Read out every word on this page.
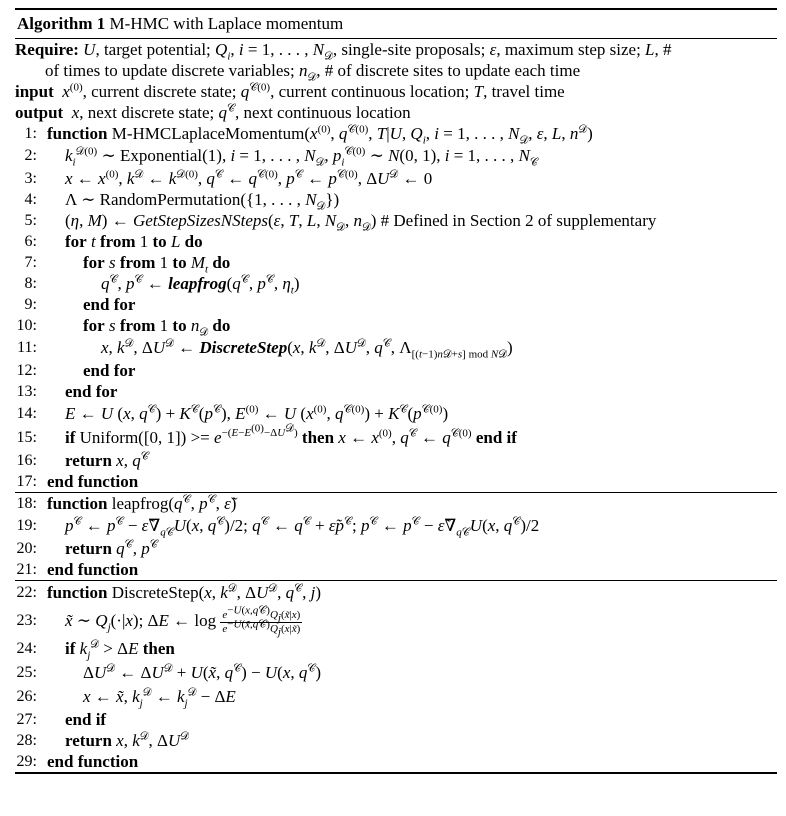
Algorithm 1 M-HMC with Laplace momentum
Require: U, target potential; $Q_i$, i = 1, . . . , $N_𝒟$, single-site proposals; ε, maximum step size; L, #
of times to update discrete variables; $n_𝒟$, # of discrete sites to update each time
input $x^{(0)}$, current discrete state; $q^{𝒞(0)}$, current continuous location; T, travel time
output x, next discrete state; $q^𝒞$, next continuous location
1: function $M-HMCLaplaceMomentum(x^{(0)}$, $q^{𝒞(0)}$, T|U, $Q_i$, i = 1, . . . , $N_𝒟$, ε, L, $n^𝒟$)
2:	$k_i^{𝒟(0)}$ ∼ Exponential(1), i = 1, . . . , $N_𝒟$, $p_i^{𝒞(0)}$ ∼ N(0, 1), i = 1, . . . , $N_𝒞$
3:	x ← $x^{(0)}$, $k^𝒟$ ← $k^{𝒟(0)}$, $q^𝒞$ ← $q^{𝒞(0)}$, $p^𝒞$ ← $p^{𝒞(0)}$, $\Delta U^𝒟$ ← 0
4:	Λ ∼ RandomPermutation({1, . . . , $N_𝒟$})
5:	(η, M) ← GetStepSizesNSteps(ε, T, L, $N_𝒟$, $n_𝒟$) # Defined in Section 2 of supplementary
6:	for t from 1 to L do
7:	for s from 1 to $M_t$ do
8:	$q^𝒞$, $p^𝒞$ ← $leapfrog(q^𝒞$, $p^𝒞$, $\eta_t$)
9:	end for
10:	for s from 1 to $n_𝒟$ do
11:	x, $k^𝒟$, $\Delta U^𝒟$ ← DiscreteStep(x, $k^𝒟$, $\Delta U^𝒟$, $q^𝒞$, $\Lambda_{[(t-1)n𝒟+s] mod N𝒟}$)
12:	end for
13:	end for
14:	E ← U (x, $q^𝒞) + K^𝒞(p^𝒞)$, $E^{(0)}$ ← U ($x^{(0)}$, $q^{𝒞(0)}) + K^𝒞(p^{𝒞(0)})$
15:	if Uniform([0, $1]) >= e^{-(E-E^{(0)}-\Delta U^𝒟)}$ then x ← $x^{(0)}$, $q^𝒞$ ← $q^{𝒞(0)}$ end if
16:	return x, $q^𝒞$
17: end function
18: function $leapfrog(q^𝒞$, $p^𝒞$, ε̃)
19:	$p^𝒞$ ← $p^𝒞$ − $\varepsiloñ\nabla_{q𝒞}U(x$, $q^𝒞)/2$; $q^𝒞$ ← $q^𝒞$ + $\varepsiloñp^𝒞$; $p^𝒞$ ← $p^𝒞$ − $\varepsiloñ\nabla_{q𝒞}U(x$, $q^𝒞)/2$
20:	return $q^𝒞$, $p^𝒞$
21: end function
22: function DiscreteStep(x, $k^𝒟$, $\Delta U^𝒟$, $q^𝒞$, j)
23:	x̃ ∼ $Q_j(\cdot|x)$; ΔE ← $\log \frac{e^{-U(x,q𝒞)}Q_j(x̃|x)}{e^{-U(x̃,q𝒞)}Q_j(x|x̃)}$
24:	if $k_j^𝒟 > \Delta E$ then
25:	$\Delta U^𝒟$ ← $\Delta U^𝒟$ + U(x̃, $q^𝒞) - U(x$, $q^𝒞$)
26:	x ← x̃, $k_j^𝒟$ ← $k_j^𝒟 - \Delta E$
27:	end if
28:	return x, $k^𝒟$, $\Delta U^𝒟$
29: end function
